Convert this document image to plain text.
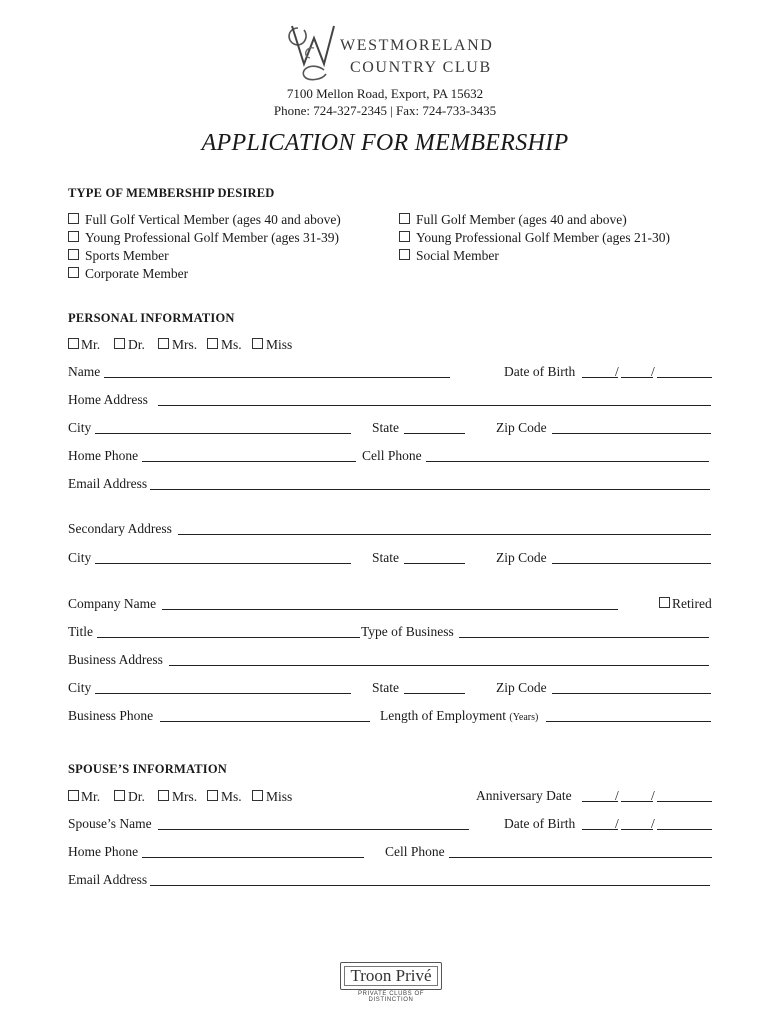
WESTMORELAND
COUNTRY CLUB
7100 Mellon Road, Export, PA 15632
Phone: 724-327-2345 | Fax: 724-733-3435
APPLICATION FOR MEMBERSHIP
TYPE OF MEMBERSHIP DESIRED
Full Golf Vertical Member (ages 40 and above)
Young Professional Golf Member (ages 31-39)
Sports Member
Corporate Member
Full Golf Member (ages 40 and above)
Young Professional Golf Member (ages 21-30)
Social Member
PERSONAL INFORMATION
Mr.	Dr.	Mrs.	Ms.	Miss
Name	Date of Birth	/ /
Home Address
City	State	Zip Code
Home Phone	Cell Phone
Email Address
Secondary Address
City	State	Zip Code
Company Name	Retired
Title	Type of Business
Business Address
City	State	Zip Code
Business Phone	Length of Employment (Years)
SPOUSE’S INFORMATION
Mr.	Dr.	Mrs.	Ms.	Miss	Anniversary Date	/ /
Spouse’s Name	Date of Birth	/ /
Home Phone	Cell Phone
Email Address
Troon Privé
PRIVATE CLUBS OF DISTINCTION
